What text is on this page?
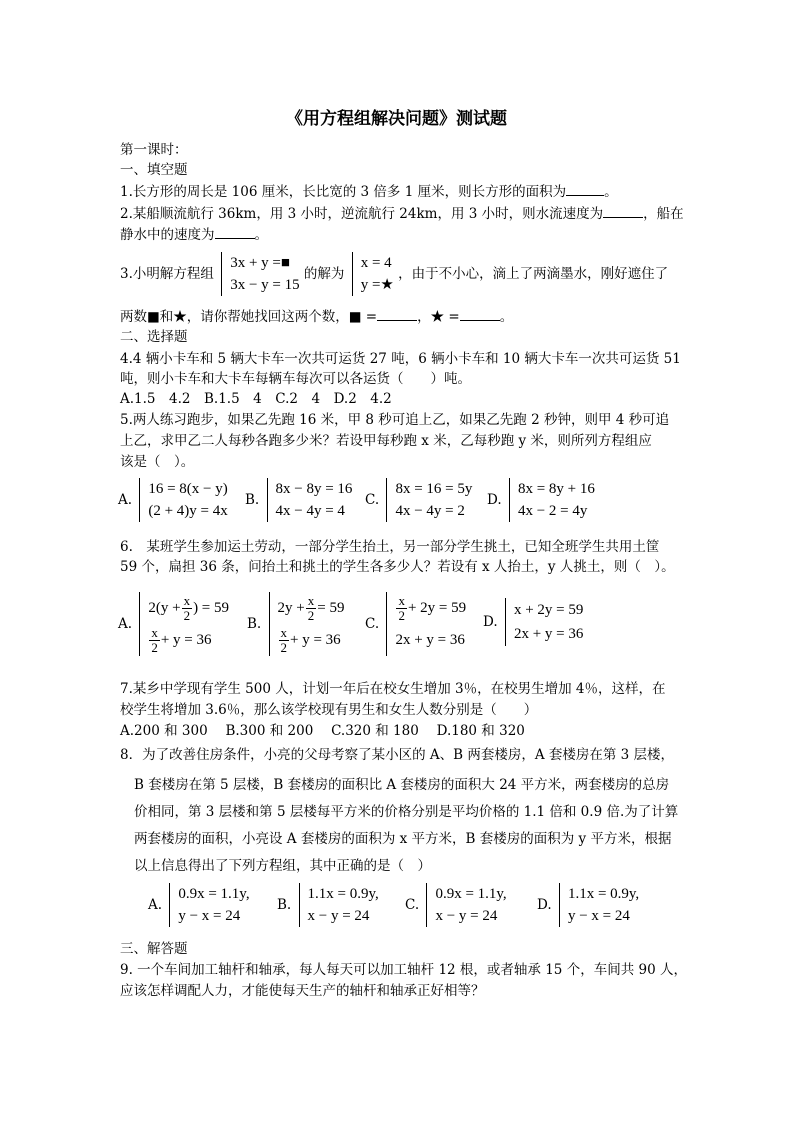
《用方程组解决问题》测试题
第一课时：
一、填空题
1.长方形的周长是 106 厘米，长比宽的 3 倍多 1 厘米，则长方形的面积为	。
2.某船顺流航行 36km，用 3 小时，逆流航行 24km，用 3 小时，则水流速度为	，船在
静水中的速度为	。
3.小明解方程组
3x + y =■
3x − y = 15
的解为
x = 4
y =★
，由于不小心，滴上了两滴墨水，刚好遮住了
两数■和★，请你帮她找回这两个数，■ =	，★ =	。
二、选择题
4.4 辆小卡车和 5 辆大卡车一次共可运货 27 吨，6 辆小卡车和 10 辆大卡车一次共可运货 51
吨，则小卡车和大卡车每辆车每次可以各运货（　　）吨。
A.1.5　4.2　B.1.5　4　C.2　4　D.2　4.2
5.两人练习跑步，如果乙先跑 16 米，甲 8 秒可追上乙，如果乙先跑 2 秒钟，则甲 4 秒可追
上乙，求甲乙二人每秒各跑多少米？若设甲每秒跑 x 米，乙每秒跑 y 米，则所列方程组应
该是（　）。
A.
16 = 8(x − y)
(2 + 4)y = 4x
B.
8x − 8y = 16
4x − 4y = 4
C.
8x = 16 = 5y
4x − 4y = 2
D.
8x = 8y + 16
4x − 2 = 4y
6.　某班学生参加运土劳动，一部分学生抬土，另一部分学生挑土，已知全班学生共用土筐
59 个，扁担 36 条，问抬土和挑土的学生各多少人？若设有 x 人抬土，y 人挑土，则（　）。
A.
$2(y + \frac{x}{2}$ ) = 59
$\frac{x}{2} + y = 36$
B.
$2y + \frac{x}{2} = 59$
$\frac{x}{2} + y = 36$
C.
$\frac{x}{2} + 2y = 59$
2x + y = 36
D.
x + 2y = 59
2x + y = 36
7.某乡中学现有学生 500 人，计划一年后在校女生增加 3％，在校男生增加 4％，这样，在
校学生将增加 3.6％，那么该学校现有男生和女生人数分别是（　　）
A.200 和 300　 B.300 和 200　 C.320 和 180　 D.180 和 320
8．为了改善住房条件，小亮的父母考察了某小区的 A、B 两套楼房，A 套楼房在第 3 层楼，
B 套楼房在第 5 层楼，B 套楼房的面积比 A 套楼房的面积大 24 平方米，两套楼房的总房
价相同，第 3 层楼和第 5 层楼每平方米的价格分别是平均价格的 1.1 倍和 0.9 倍.为了计算
两套楼房的面积，小亮设 A 套楼房的面积为 x 平方米，B 套楼房的面积为 y 平方米，根据
以上信息得出了下列方程组，其中正确的是（　）
A.
0.9x = 1.1y,
y − x = 24
B.
1.1x = 0.9y,
x − y = 24
C.
0.9x = 1.1y,
x − y = 24
D.
1.1x = 0.9y,
y − x = 24
三、解答题
9. 一个车间加工轴杆和轴承，每人每天可以加工轴杆 12 根，或者轴承 15 个，车间共 90 人，
应该怎样调配人力，才能使每天生产的轴杆和轴承正好相等？
